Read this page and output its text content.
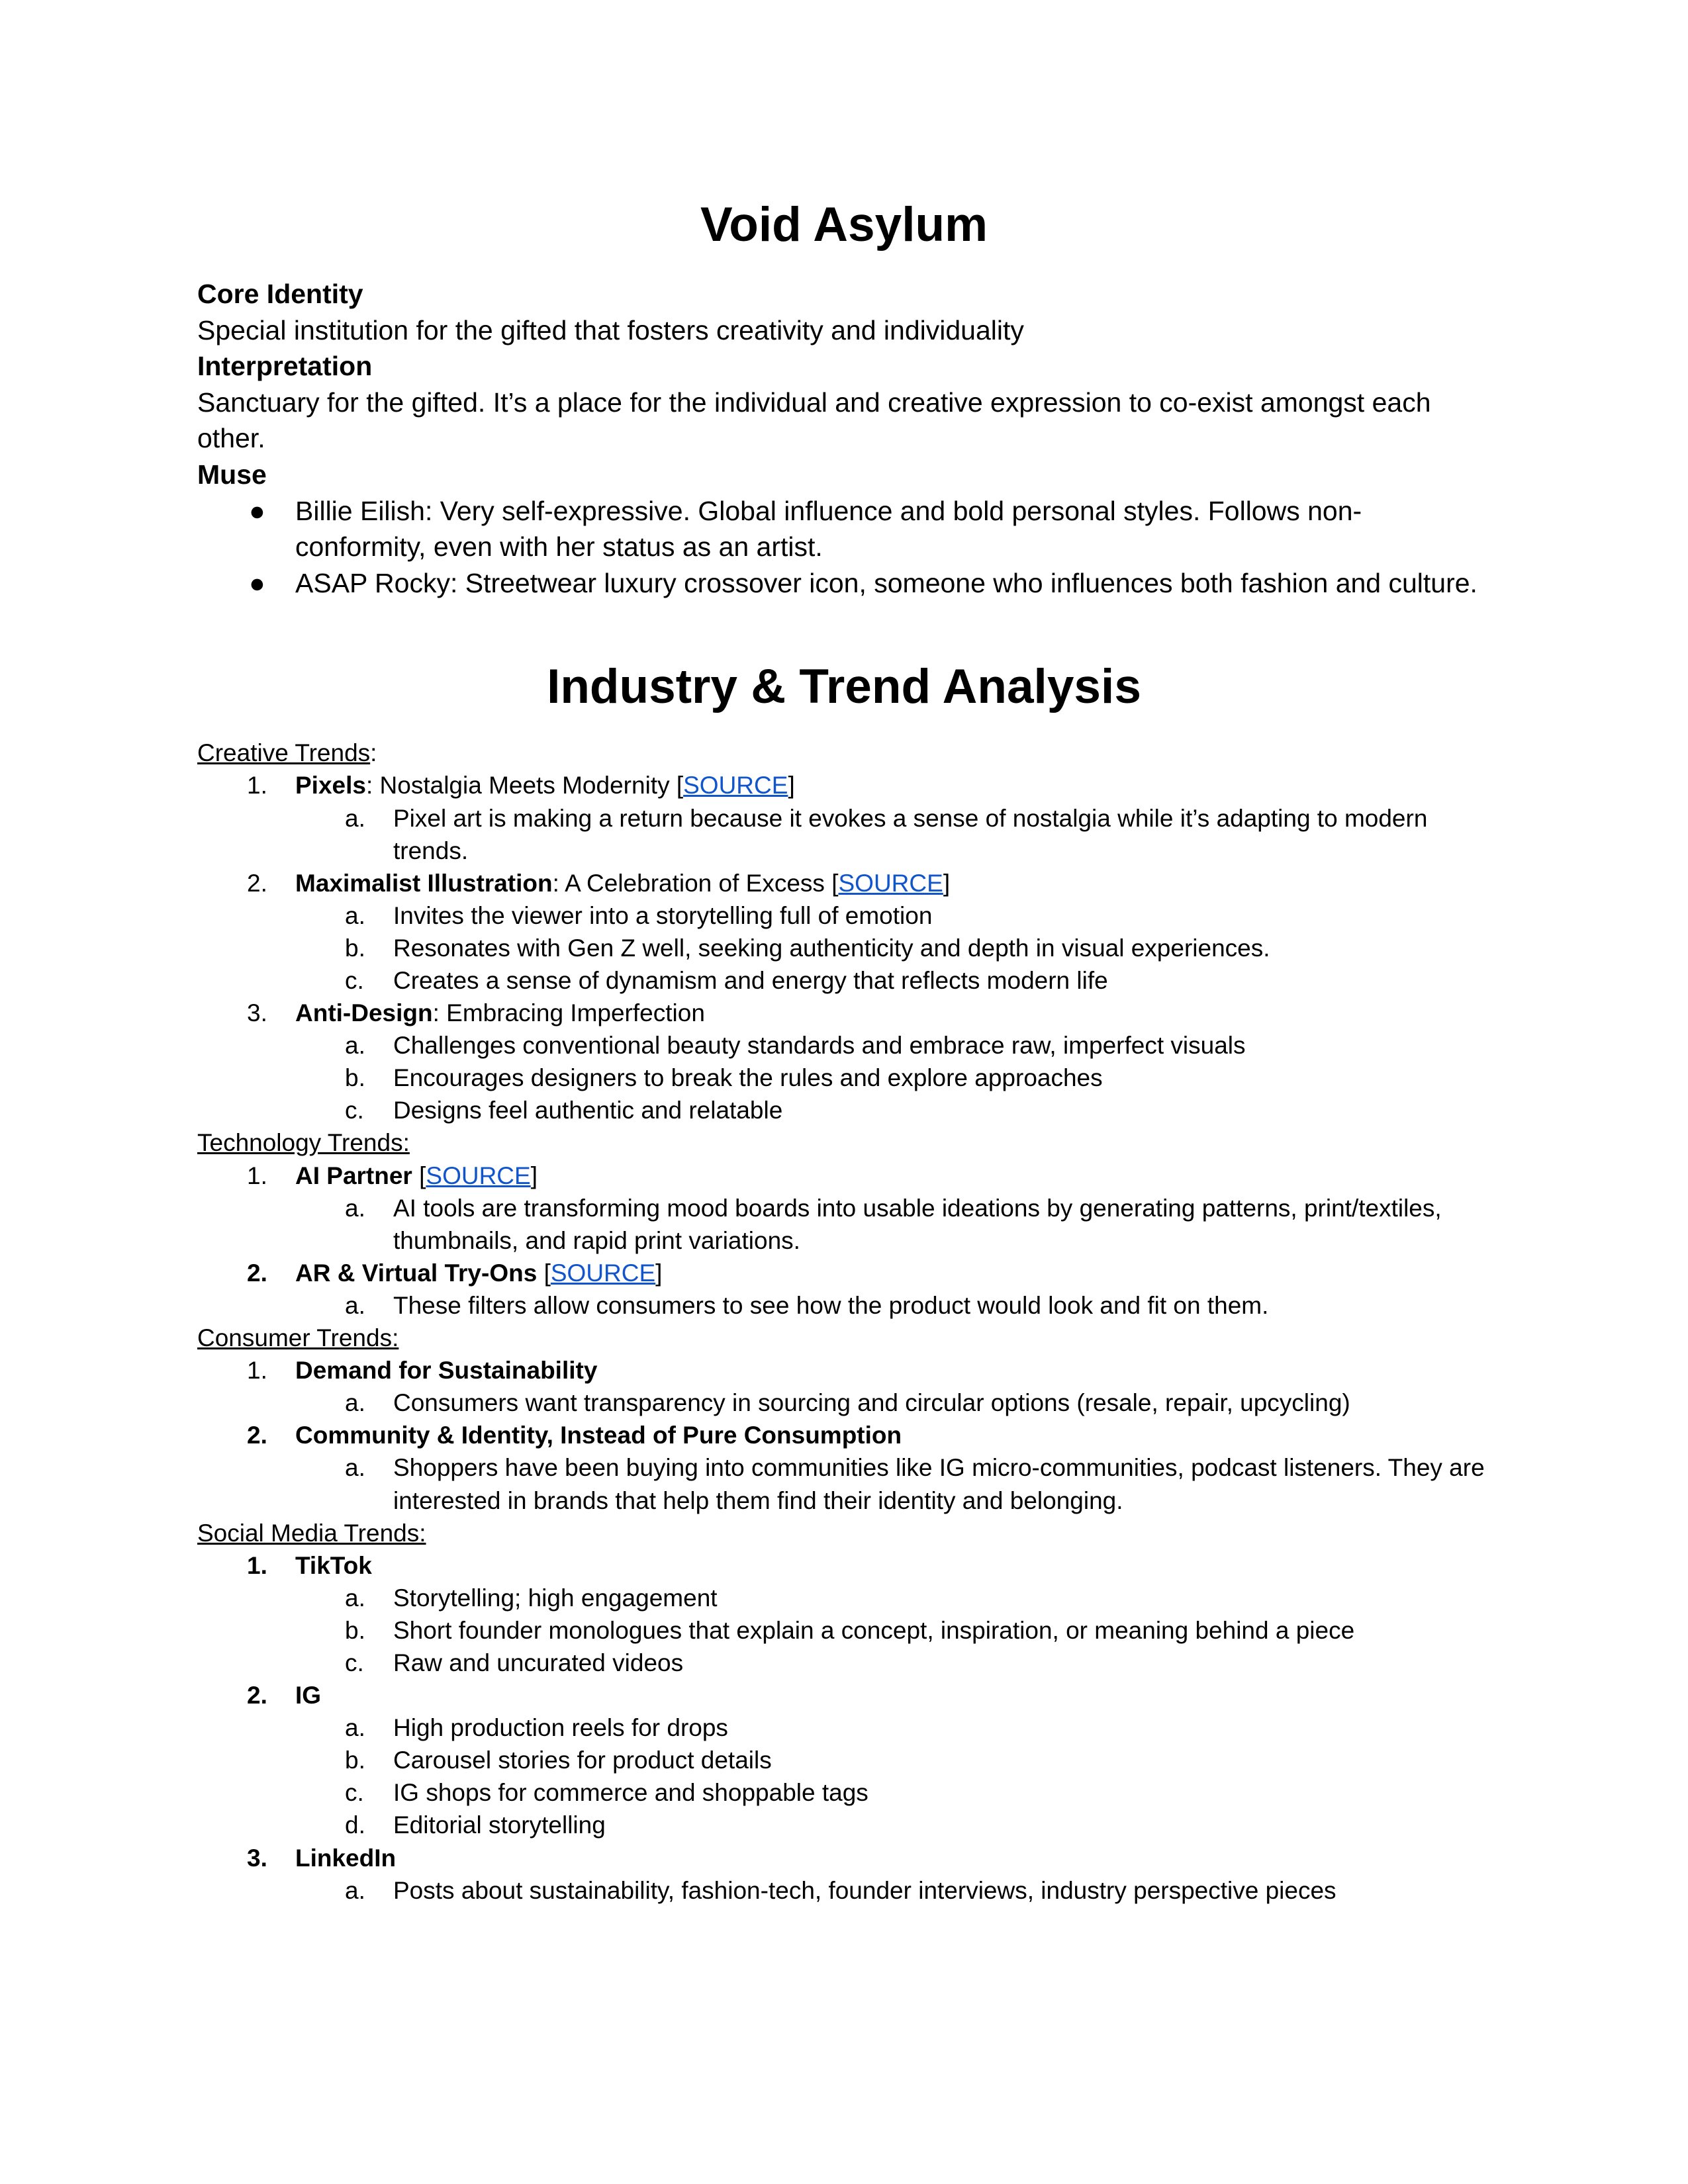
Void Asylum
Core Identity
Special institution for the gifted that fosters creativity and individuality
Interpretation
Sanctuary for the gifted. It’s a place for the individual and creative expression to co-exist amongst each other.
Muse
● Billie Eilish: Very self-expressive. Global influence and bold personal styles. Follows non-conformity, even with her status as an artist.
● ASAP Rocky: Streetwear luxury crossover icon, someone who influences both fashion and culture.
Industry & Trend Analysis
Creative Trends:
1. Pixels: Nostalgia Meets Modernity [SOURCE]
a. Pixel art is making a return because it evokes a sense of nostalgia while it’s adapting to modern trends.
2. Maximalist Illustration: A Celebration of Excess [SOURCE]
a. Invites the viewer into a storytelling full of emotion
b. Resonates with Gen Z well, seeking authenticity and depth in visual experiences.
c. Creates a sense of dynamism and energy that reflects modern life
3. Anti-Design: Embracing Imperfection
a. Challenges conventional beauty standards and embrace raw, imperfect visuals
b. Encourages designers to break the rules and explore approaches
c. Designs feel authentic and relatable
Technology Trends:
1. AI Partner [SOURCE]
a. AI tools are transforming mood boards into usable ideations by generating patterns, print/textiles, thumbnails, and rapid print variations.
2. AR & Virtual Try-Ons [SOURCE]
a. These filters allow consumers to see how the product would look and fit on them.
Consumer Trends:
1. Demand for Sustainability
a. Consumers want transparency in sourcing and circular options (resale, repair, upcycling)
2. Community & Identity, Instead of Pure Consumption
a. Shoppers have been buying into communities like IG micro-communities, podcast listeners. They are interested in brands that help them find their identity and belonging.
Social Media Trends:
1. TikTok
a. Storytelling; high engagement
b. Short founder monologues that explain a concept, inspiration, or meaning behind a piece
c. Raw and uncurated videos
2. IG
a. High production reels for drops
b. Carousel stories for product details
c. IG shops for commerce and shoppable tags
d. Editorial storytelling
3. LinkedIn
a. Posts about sustainability, fashion-tech, founder interviews, industry perspective pieces
